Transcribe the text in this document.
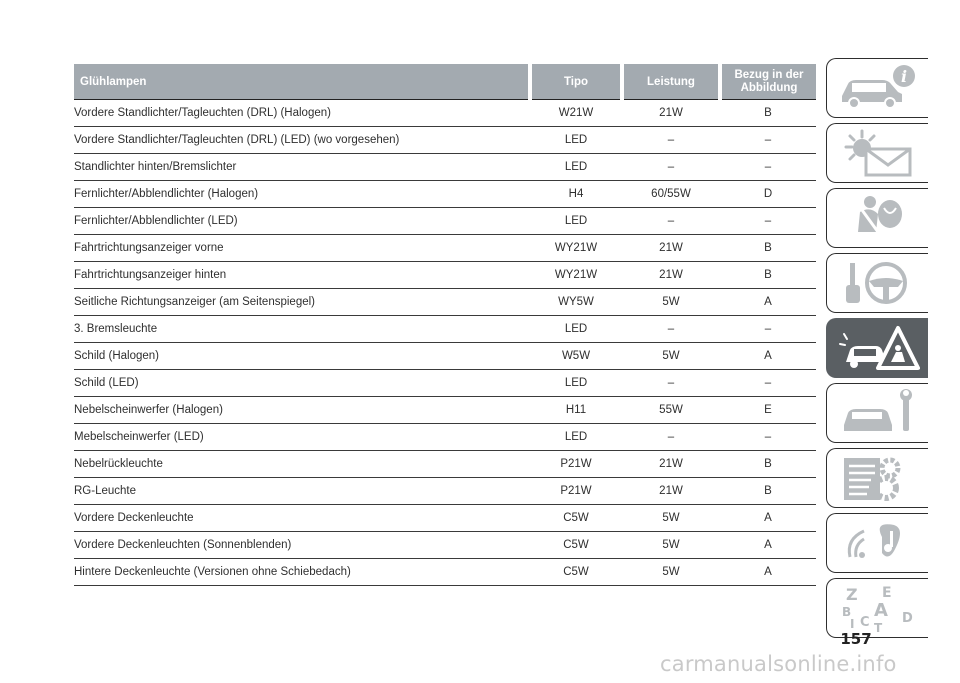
Glühlampen	Tipo	Leistung	Bezug in der Abbildung
Vordere Standlichter/Tagleuchten (DRL) (Halogen)	W21W	21W	B
Vordere Standlichter/Tagleuchten (DRL) (LED) (wo vorgesehen)	LED	–	–
Standlichter hinten/Bremslichter	LED	–	–
Fernlichter/Abblendlichter (Halogen)	H4	60/55W	D
Fernlichter/Abblendlichter (LED)	LED	–	–
Fahrtrichtungsanzeiger vorne	WY21W	21W	B
Fahrtrichtungsanzeiger hinten	WY21W	21W	B
Seitliche Richtungsanzeiger (am Seitenspiegel)	WY5W	5W	A
3. Bremsleuchte	LED	–	–
Schild (Halogen)	W5W	5W	A
Schild (LED)	LED	–	–
Nebelscheinwerfer (Halogen)	H11	55W	E
Mebelscheinwerfer (LED)	LED	–	–
Nebelrückleuchte	P21W	21W	B
RG-Leuchte	P21W	21W	B
Vordere Deckenleuchte	C5W	5W	A
Vordere Deckenleuchten (Sonnenblenden)	C5W	5W	A
Hintere Deckenleuchte (Versionen ohne Schiebedach)	C5W	5W	A
i
Z E
B A
C D
I T
157
carmanualsonline.info
